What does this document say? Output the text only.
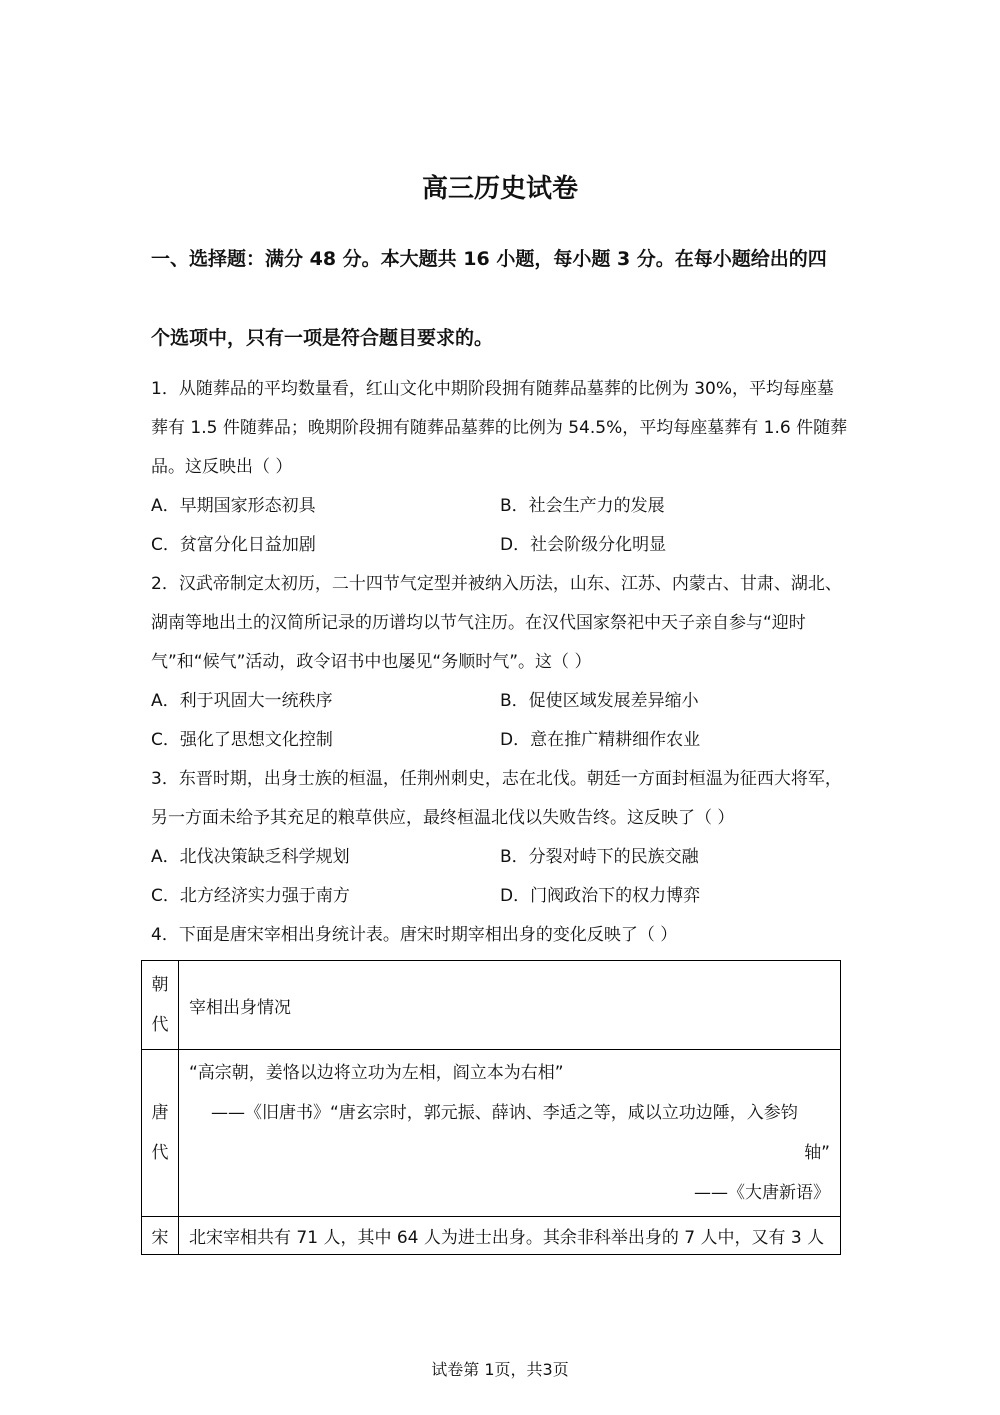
高三历史试卷
一、选择题：满分 48 分。本大题共 16 小题，每小题 3 分。在每小题给出的四
个选项中，只有一项是符合题目要求的。
1．从随葬品的平均数量看，红山文化中期阶段拥有随葬品墓葬的比例为 30%，平均每座墓
葬有 1.5 件随葬品；晚期阶段拥有随葬品墓葬的比例为 54.5%，平均每座墓葬有 1.6 件随葬
品。这反映出（ ）
A．早期国家形态初具	B．社会生产力的发展
C．贫富分化日益加剧	D．社会阶级分化明显
2．汉武帝制定太初历，二十四节气定型并被纳入历法，山东、江苏、内蒙古、甘肃、湖北、
湖南等地出土的汉简所记录的历谱均以节气注历。在汉代国家祭祀中天子亲自参与“迎时
气”和“候气”活动，政令诏书中也屡见“务顺时气”。这（ ）
A．利于巩固大一统秩序	B．促使区域发展差异缩小
C．强化了思想文化控制	D．意在推广精耕细作农业
3．东晋时期，出身士族的桓温，任荆州刺史，志在北伐。朝廷一方面封桓温为征西大将军，
另一方面未给予其充足的粮草供应，最终桓温北伐以失败告终。这反映了（ ）
A．北伐决策缺乏科学规划	B．分裂对峙下的民族交融
C．北方经济实力强于南方	D．门阀政治下的权力博弈
4．下面是唐宋宰相出身统计表。唐宋时期宰相出身的变化反映了（ ）
朝代	宰相出身情况
唐代	“高宗朝，姜恪以边将立功为左相，阎立本为右相”
——《旧唐书》“唐玄宗时，郭元振、薛讷、李适之等，咸以立功边陲，入参钧
轴”
——《大唐新语》

宋	北宋宰相共有 71 人，其中 64 人为进士出身。其余非科举出身的 7 人中，又有 3 人
试卷第 1页，共3页
